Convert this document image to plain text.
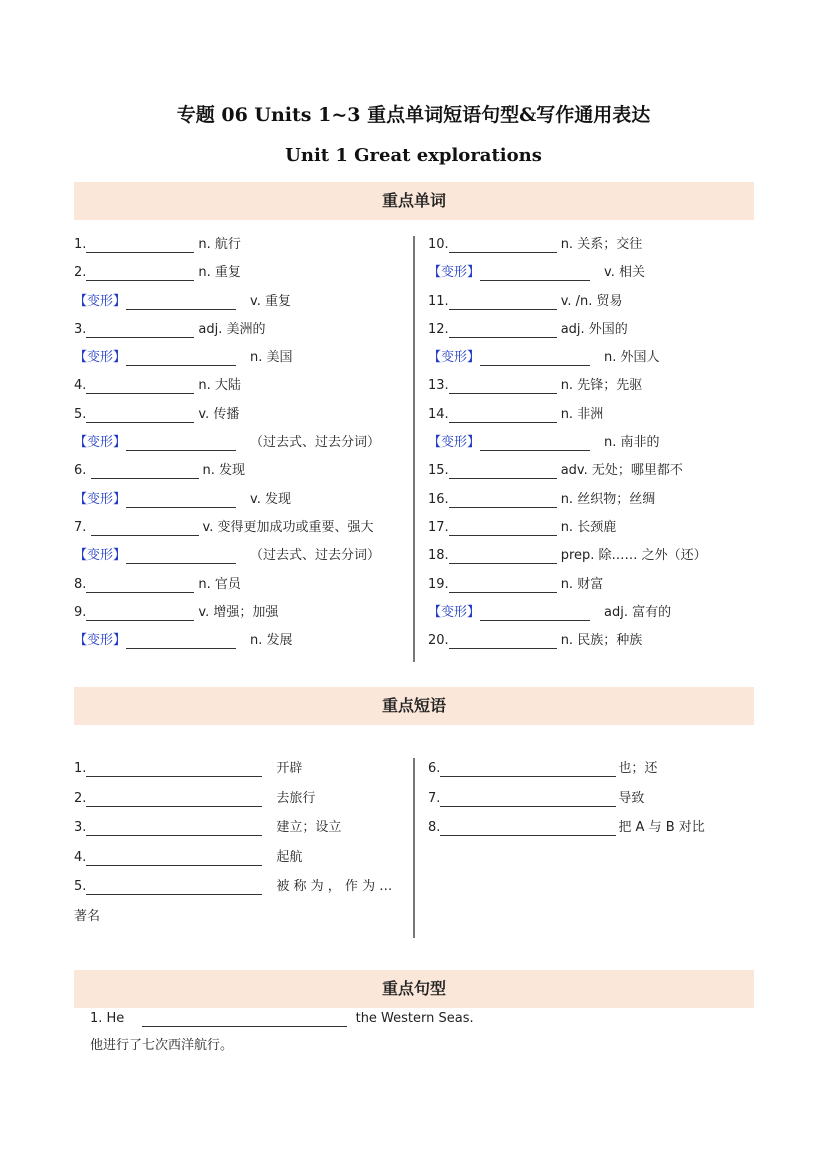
专题 06 Units 1~3 重点单词短语句型&写作通用表达
Unit 1 Great explorations
重点单词
1.	n. 航行
2.	n. 重复
【变形】	v. 重复
3.	adj. 美洲的
【变形】	n. 美国
4.	n. 大陆
5.	v. 传播
【变形】	（过去式、过去分词）
6.	n. 发现
【变形】	v. 发现
7.	v. 变得更加成功或重要、强大
【变形】	（过去式、过去分词）
8.	n. 官员
9.	v. 增强；加强
【变形】	n. 发展
10.	n. 关系；交往
【变形】	v. 相关
11.	v. /n. 贸易
12.	adj. 外国的
【变形】	n. 外国人
13.	n. 先锋；先驱
14.	n. 非洲
【变形】	n. 南非的
15.	adv. 无处；哪里都不
16.	n. 丝织物；丝绸
17.	n. 长颈鹿
18.	prep. 除…… 之外（还）
19.	n. 财富
【变形】	adj. 富有的
20.	n. 民族；种族
重点短语
1.	开辟
2.	去旅行
3.	建立；设立
4.	起航
5.	被 称 为 ， 作 为 …
著名
6.	也；还
7.	导致
8.	把 A 与 B 对比
重点句型
1. He	the Western Seas.
他进行了七次西洋航行。
